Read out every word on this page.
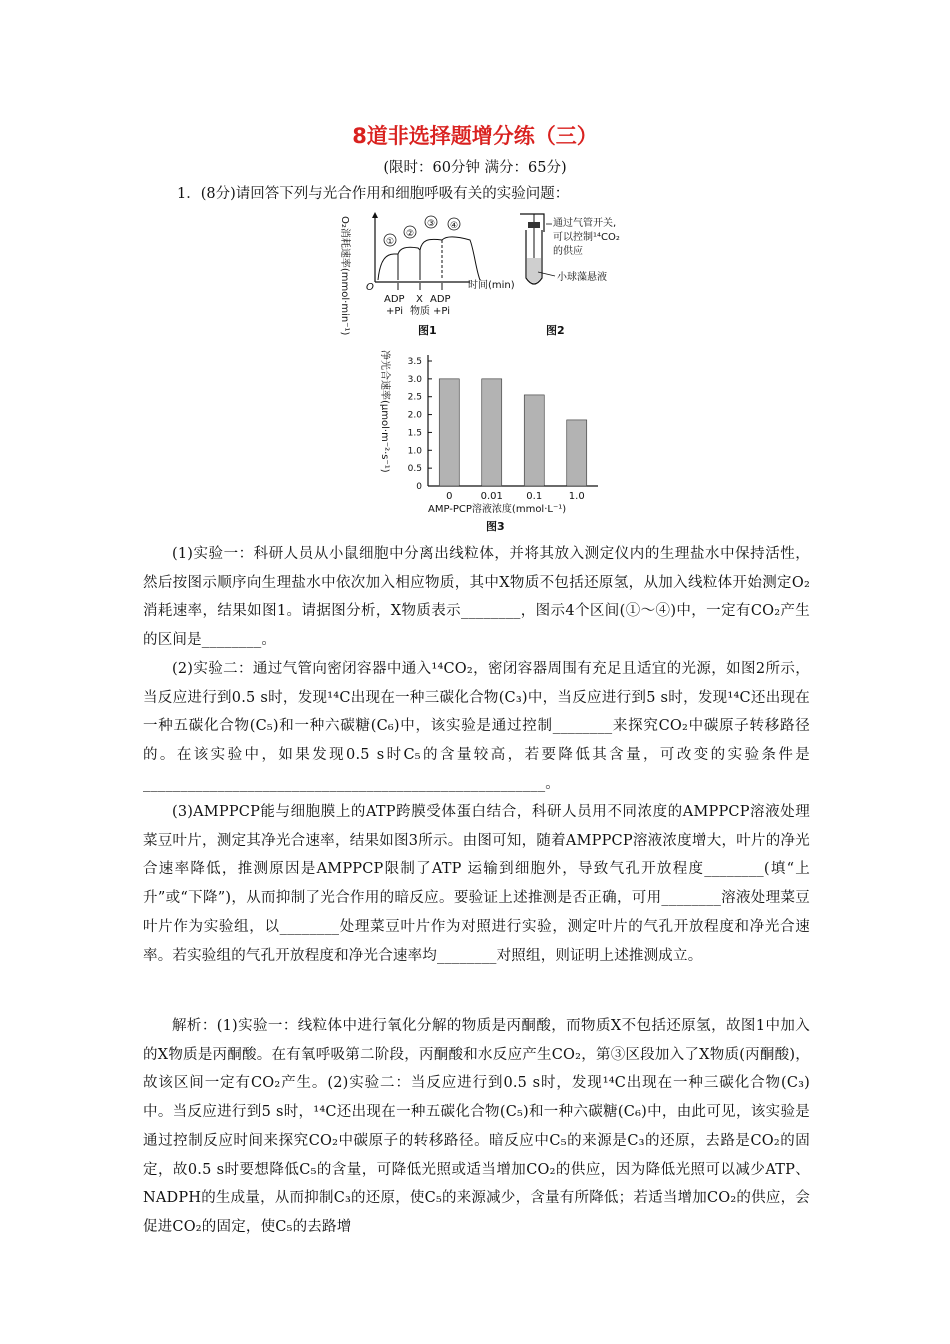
8道非选择题增分练（三）
(限时：60分钟 满分：65分)
1．(8分)请回答下列与光合作用和细胞呼吸有关的实验问题：
O₂消耗速率(mmol·min⁻¹) O	时间(min)
①
②
③ ④
ADP
+Pi
X
物质
ADP
+Pi
图1
通过气管开关,
可以控制¹⁴CO₂
的供应
小球藻悬液
图2
净光合速率(μmol·m⁻²·s⁻¹)
0
0.5
1.0
1.5
2.0
2.5
3.0
3.5
0	0.01 0.1	1.0
AMP-PCP溶液浓度(mmol·L⁻¹)
图3
(1)实验一：科研人员从小鼠细胞中分离出线粒体，并将其放入测定仪内的生理盐水中保持活性，然后按图示顺序向生理盐水中依次加入相应物质，其中X物质不包括还原氢，从加入线粒体开始测定O₂消耗速率，结果如图1。请据图分析，X物质表示________，图示4个区间(①～④)中，一定有CO₂产生的区间是________。
(2)实验二：通过气管向密闭容器中通入¹⁴CO₂，密闭容器周围有充足且适宜的光源，如图2所示，当反应进行到0.5 s时，发现¹⁴C出现在一种三碳化合物(C₃)中，当反应进行到5 s时，发现¹⁴C还出现在一种五碳化合物(C₅)和一种六碳糖(C₆)中，该实验是通过控制________来探究CO₂中碳原子转移路径的。在该实验中，如果发现0.5 s时C₅的含量较高，若要降低其含量，可改变的实验条件是______________________________________________________。
(3)AMPPCP能与细胞膜上的ATP跨膜受体蛋白结合，科研人员用不同浓度的AMPPCP溶液处理菜豆叶片，测定其净光合速率，结果如图3所示。由图可知，随着AMPPCP溶液浓度增大，叶片的净光合速率降低，推测原因是AMPPCP限制了ATP 运输到细胞外，导致气孔开放程度________(填“上升”或“下降”)，从而抑制了光合作用的暗反应。要验证上述推测是否正确，可用________溶液处理菜豆叶片作为实验组，以________处理菜豆叶片作为对照进行实验，测定叶片的气孔开放程度和净光合速率。若实验组的气孔开放程度和净光合速率均________对照组，则证明上述推测成立。
解析：(1)实验一：线粒体中进行氧化分解的物质是丙酮酸，而物质X不包括还原氢，故图1中加入的X物质是丙酮酸。在有氧呼吸第二阶段，丙酮酸和水反应产生CO₂，第③区段加入了X物质(丙酮酸)，故该区间一定有CO₂产生。(2)实验二：当反应进行到0.5 s时，发现¹⁴C出现在一种三碳化合物(C₃)中。当反应进行到5 s时，¹⁴C还出现在一种五碳化合物(C₅)和一种六碳糖(C₆)中，由此可见，该实验是通过控制反应时间来探究CO₂中碳原子的转移路径。暗反应中C₅的来源是C₃的还原，去路是CO₂的固定，故0.5 s时要想降低C₅的含量，可降低光照或适当增加CO₂的供应，因为降低光照可以减少ATP、NADPH的生成量，从而抑制C₃的还原，使C₅的来源减少，含量有所降低；若适当增加CO₂的供应，会促进CO₂的固定，使C₅的去路增
